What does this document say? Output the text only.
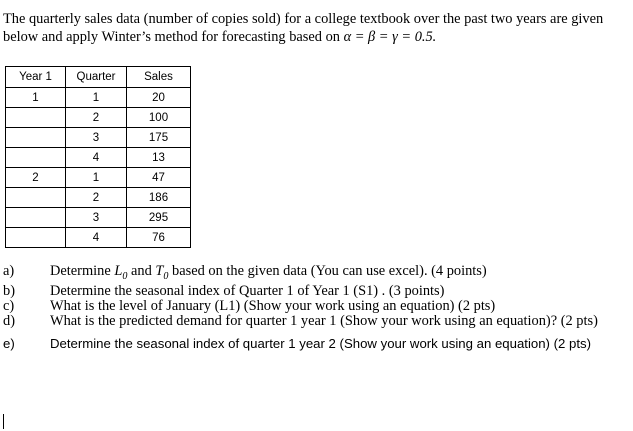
The quarterly sales data (number of copies sold) for a college textbook over the past two years are given below and apply Winter’s method for forecasting based on α = β = γ = 0.5.
Year 1	Quarter	Sales
1	1	20
	2	100
	3	175
	4	13
2	1	47
	2	186
	3	295
	4	76
a) Determine $L_0$ and $T_0$ based on the given data (You can use excel). (4 points)
b) Determine the seasonal index of Quarter 1 of Year 1 (S1) . (3 points)
c) What is the level of January (L1) (Show your work using an equation) (2 pts)
d) What is the predicted demand for quarter 1 year 1 (Show your work using an equation)? (2 pts)
e)	Determine the seasonal index of quarter 1 year 2 (Show your work using an equation) (2 pts)
